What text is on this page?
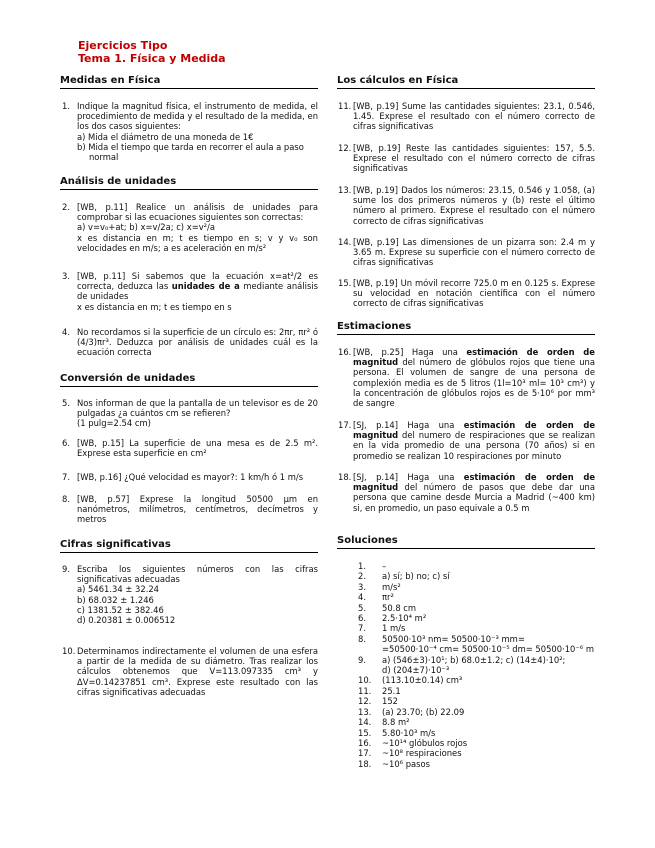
Ejercicios Tipo
Tema 1. Física y Medida
Medidas en Física
1. Indique la magnitud física, el instrumento de medida, el procedimiento de medida y el resultado de la medida, en los dos casos siguientes:
a) Mida el diámetro de una moneda de 1€
b) Mida el tiempo que tarda en recorrer el aula a paso normal
Análisis de unidades
2. [WB, p.11] Realice un análisis de unidades para comprobar si las ecuaciones siguientes son correctas:
a) v=v₀+at; b) x=v/2a; c) x=v²/a
x es distancia en m; t es tiempo en s; v y v₀ son velocidades en m/s; a es aceleración en m/s²
3. [WB, p.11] Si sabemos que la ecuación x=at²/2 es correcta, deduzca las unidades de a mediante análisis de unidades
x es distancia en m; t es tiempo en s
4. No recordamos si la superficie de un círculo es: 2πr, πr² ó (4/3)πr³. Deduzca por análisis de unidades cuál es la ecuación correcta
Conversión de unidades
5. Nos informan de que la pantalla de un televisor es de 20 pulgadas ¿a cuántos cm se refieren?
(1 pulg=2.54 cm)
6. [WB, p.15] La superficie de una mesa es de 2.5 m². Exprese esta superficie en cm²
7. [WB, p.16] ¿Qué velocidad es mayor?: 1 km/h ó 1 m/s
8. [WB, p.57] Exprese la longitud 50500 µm en nanómetros, milímetros, centímetros, decímetros y metros
Cifras significativas
9. Escriba los siguientes números con las cifras significativas adecuadas
a) 5461.34 ± 32.24
b) 68.032 ± 1.246
c) 1381.52 ± 382.46
d) 0.20381 ± 0.006512
10. Determinamos indirectamente el volumen de una esfera a partir de la medida de su diámetro. Tras realizar los cálculos obtenemos que V=113.097335 cm³ y ΔV=0.14237851 cm³. Exprese este resultado con las cifras significativas adecuadas
Los cálculos en Física
11. [WB, p.19] Sume las cantidades siguientes: 23.1, 0.546, 1.45. Exprese el resultado con el número correcto de cifras significativas
12. [WB, p.19] Reste las cantidades siguientes: 157, 5.5. Exprese el resultado con el número correcto de cifras significativas
13. [WB, p.19] Dados los números: 23.15, 0.546 y 1.058, (a) sume los dos primeros números y (b) reste el último número al primero. Exprese el resultado con el número correcto de cifras significativas
14. [WB, p.19] Las dimensiones de un pizarra son: 2.4 m y 3.65 m. Exprese su superficie con el número correcto de cifras significativas
15. [WB, p.19] Un móvil recorre 725.0 m en 0.125 s. Exprese su velocidad en notación científica con el número correcto de cifras significativas
Estimaciones
16. [WB, p.25] Haga una estimación de orden de magnitud del número de glóbulos rojos que tiene una persona. El volumen de sangre de una persona de complexión media es de 5 litros (1l=10³ ml= 10³ cm³) y la concentración de glóbulos rojos es de 5·10⁶ por mm³ de sangre
17. [SJ, p.14] Haga una estimación de orden de magnitud del numero de respiraciones que se realizan en la vida promedio de una persona (70 años) si en promedio se realizan 10 respiraciones por minuto
18. [SJ, p.14] Haga una estimación de orden de magnitud del número de pasos que debe dar una persona que camine desde Murcia a Madrid (~400 km) si, en promedio, un paso equivale a 0.5 m
Soluciones
1. –
2. a) sí; b) no; c) sí
3. m/s²
4. πr²
5. 50.8 cm
6. 2.5·10⁴ m²
7. 1 m/s
8. 50500·10³ nm= 50500·10⁻³ mm=
=50500·10⁻⁴ cm= 50500·10⁻⁵ dm= 50500·10⁻⁶ m
9. a) (546±3)·10¹; b) 68.0±1.2; c) (14±4)·10²;
d) (204±7)·10⁻³
10. (113.10±0.14) cm³
11. 25.1
12. 152
13. (a) 23.70; (b) 22.09
14. 8.8 m²
15. 5.80·10³ m/s
16. ~10¹⁴ glóbulos rojos
17. ~10⁸ respiraciones
18. ~10⁶ pasos
